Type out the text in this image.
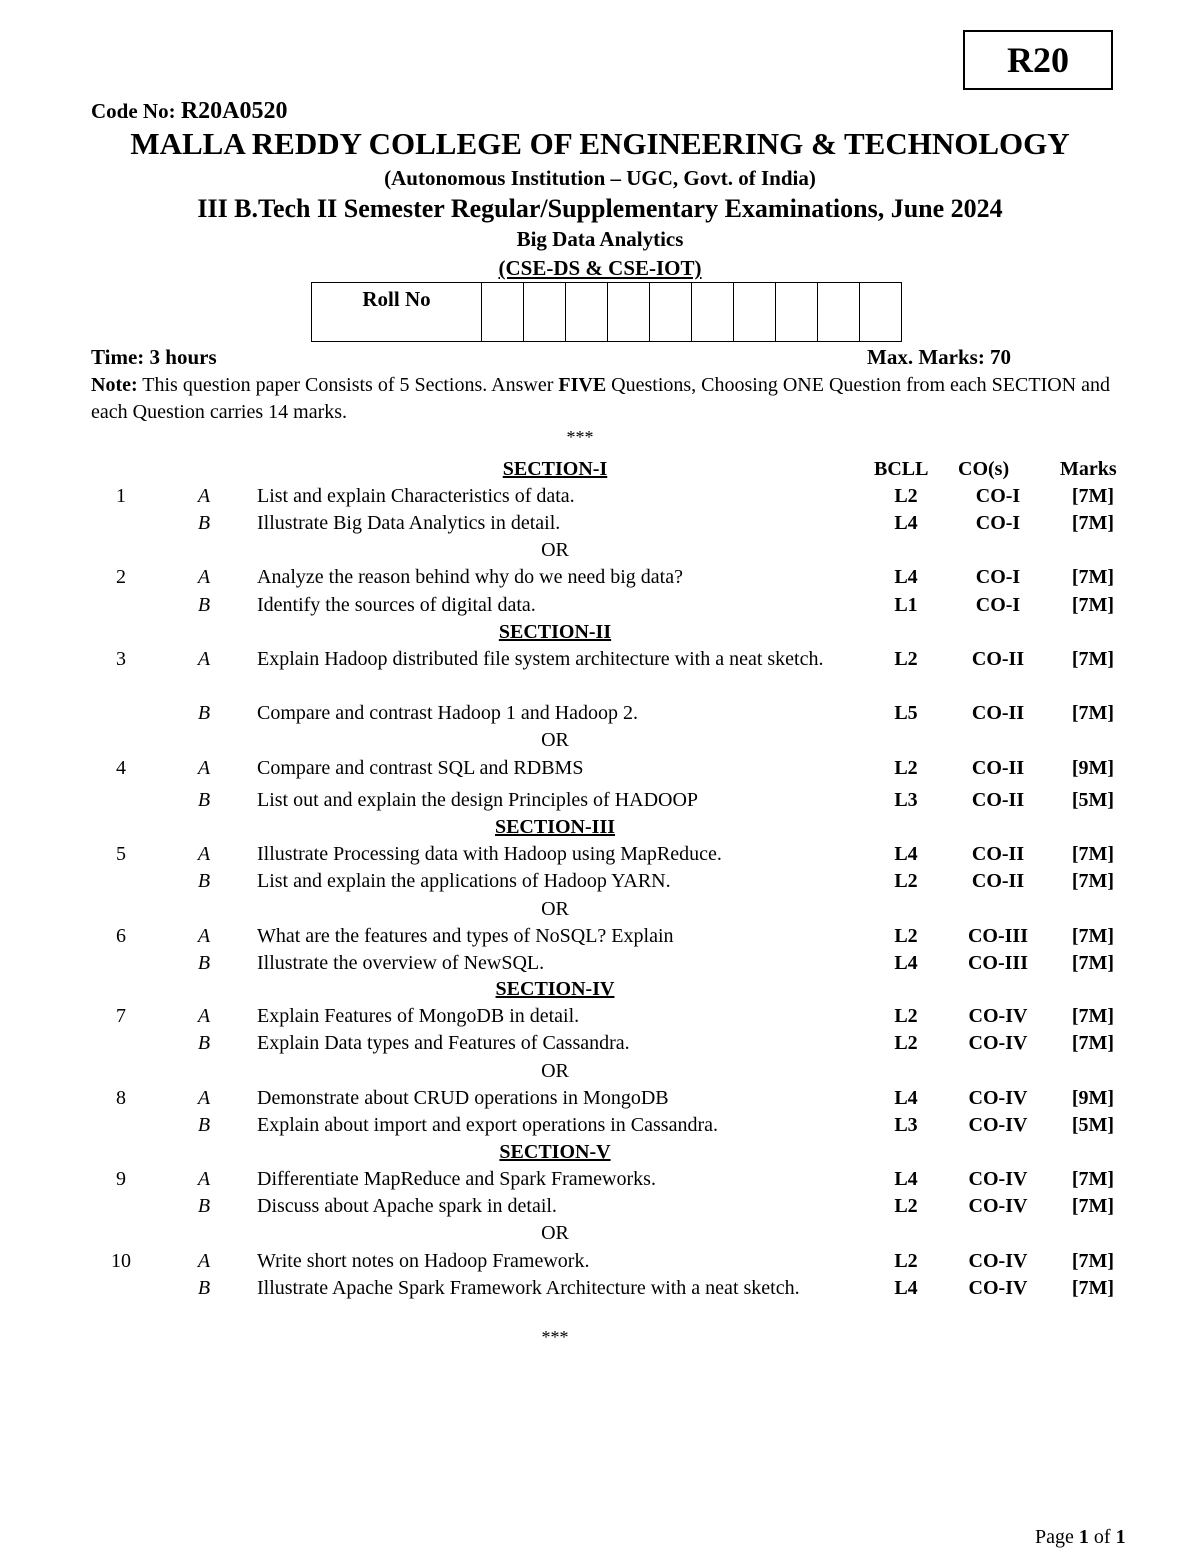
R20
Code No: R20A0520
MALLA REDDY COLLEGE OF ENGINEERING & TECHNOLOGY
(Autonomous Institution – UGC, Govt. of India)
III B.Tech II Semester Regular/Supplementary Examinations, June 2024
Big Data Analytics
(CSE-DS & CSE-IOT)
Roll No										
Time: 3 hours	Max. Marks: 70
Note: This question paper Consists of 5 Sections. Answer FIVE Questions, Choosing ONE Question from each SECTION and each Question carries 14 marks.
***
BCLL CO(s)	Marks
SECTION-I
1	A List and explain Characteristics of data.	L2	CO-I	[7M]
B Illustrate Big Data Analytics in detail.	L4	CO-I	[7M]
OR
2	A Analyze the reason behind why do we need big data?	L4	CO-I	[7M]
B Identify the sources of digital data.	L1	CO-I	[7M]
SECTION-II
3	A Explain Hadoop distributed file system architecture with a neat sketch.	L2	CO-II	[7M]
B Compare and contrast Hadoop 1 and Hadoop 2.	L5	CO-II	[7M]
OR
4	A Compare and contrast SQL and RDBMS	L2	CO-II	[9M]
B List out and explain the design Principles of HADOOP	L3	CO-II	[5M]
SECTION-III
5	A Illustrate Processing data with Hadoop using MapReduce.	L4	CO-II	[7M]
B List and explain the applications of Hadoop YARN.	L2	CO-II	[7M]
OR
6	A What are the features and types of NoSQL? Explain	L2	CO-III	[7M]
B Illustrate the overview of NewSQL.	L4	CO-III	[7M]
SECTION-IV
7	A Explain Features of MongoDB in detail.	L2	CO-IV	[7M]
B Explain Data types and Features of Cassandra.	L2	CO-IV	[7M]
OR
8	A Demonstrate about CRUD operations in MongoDB	L4	CO-IV	[9M]
B Explain about import and export operations in Cassandra.	L3	CO-IV	[5M]
SECTION-V
9	A Differentiate MapReduce and Spark Frameworks.	L4	CO-IV	[7M]
B Discuss about Apache spark in detail.	L2	CO-IV	[7M]
OR
10	A Write short notes on Hadoop Framework.	L2	CO-IV	[7M]
B Illustrate Apache Spark Framework Architecture with a neat sketch.	L4	CO-IV	[7M]
***
Page 1 of 1
